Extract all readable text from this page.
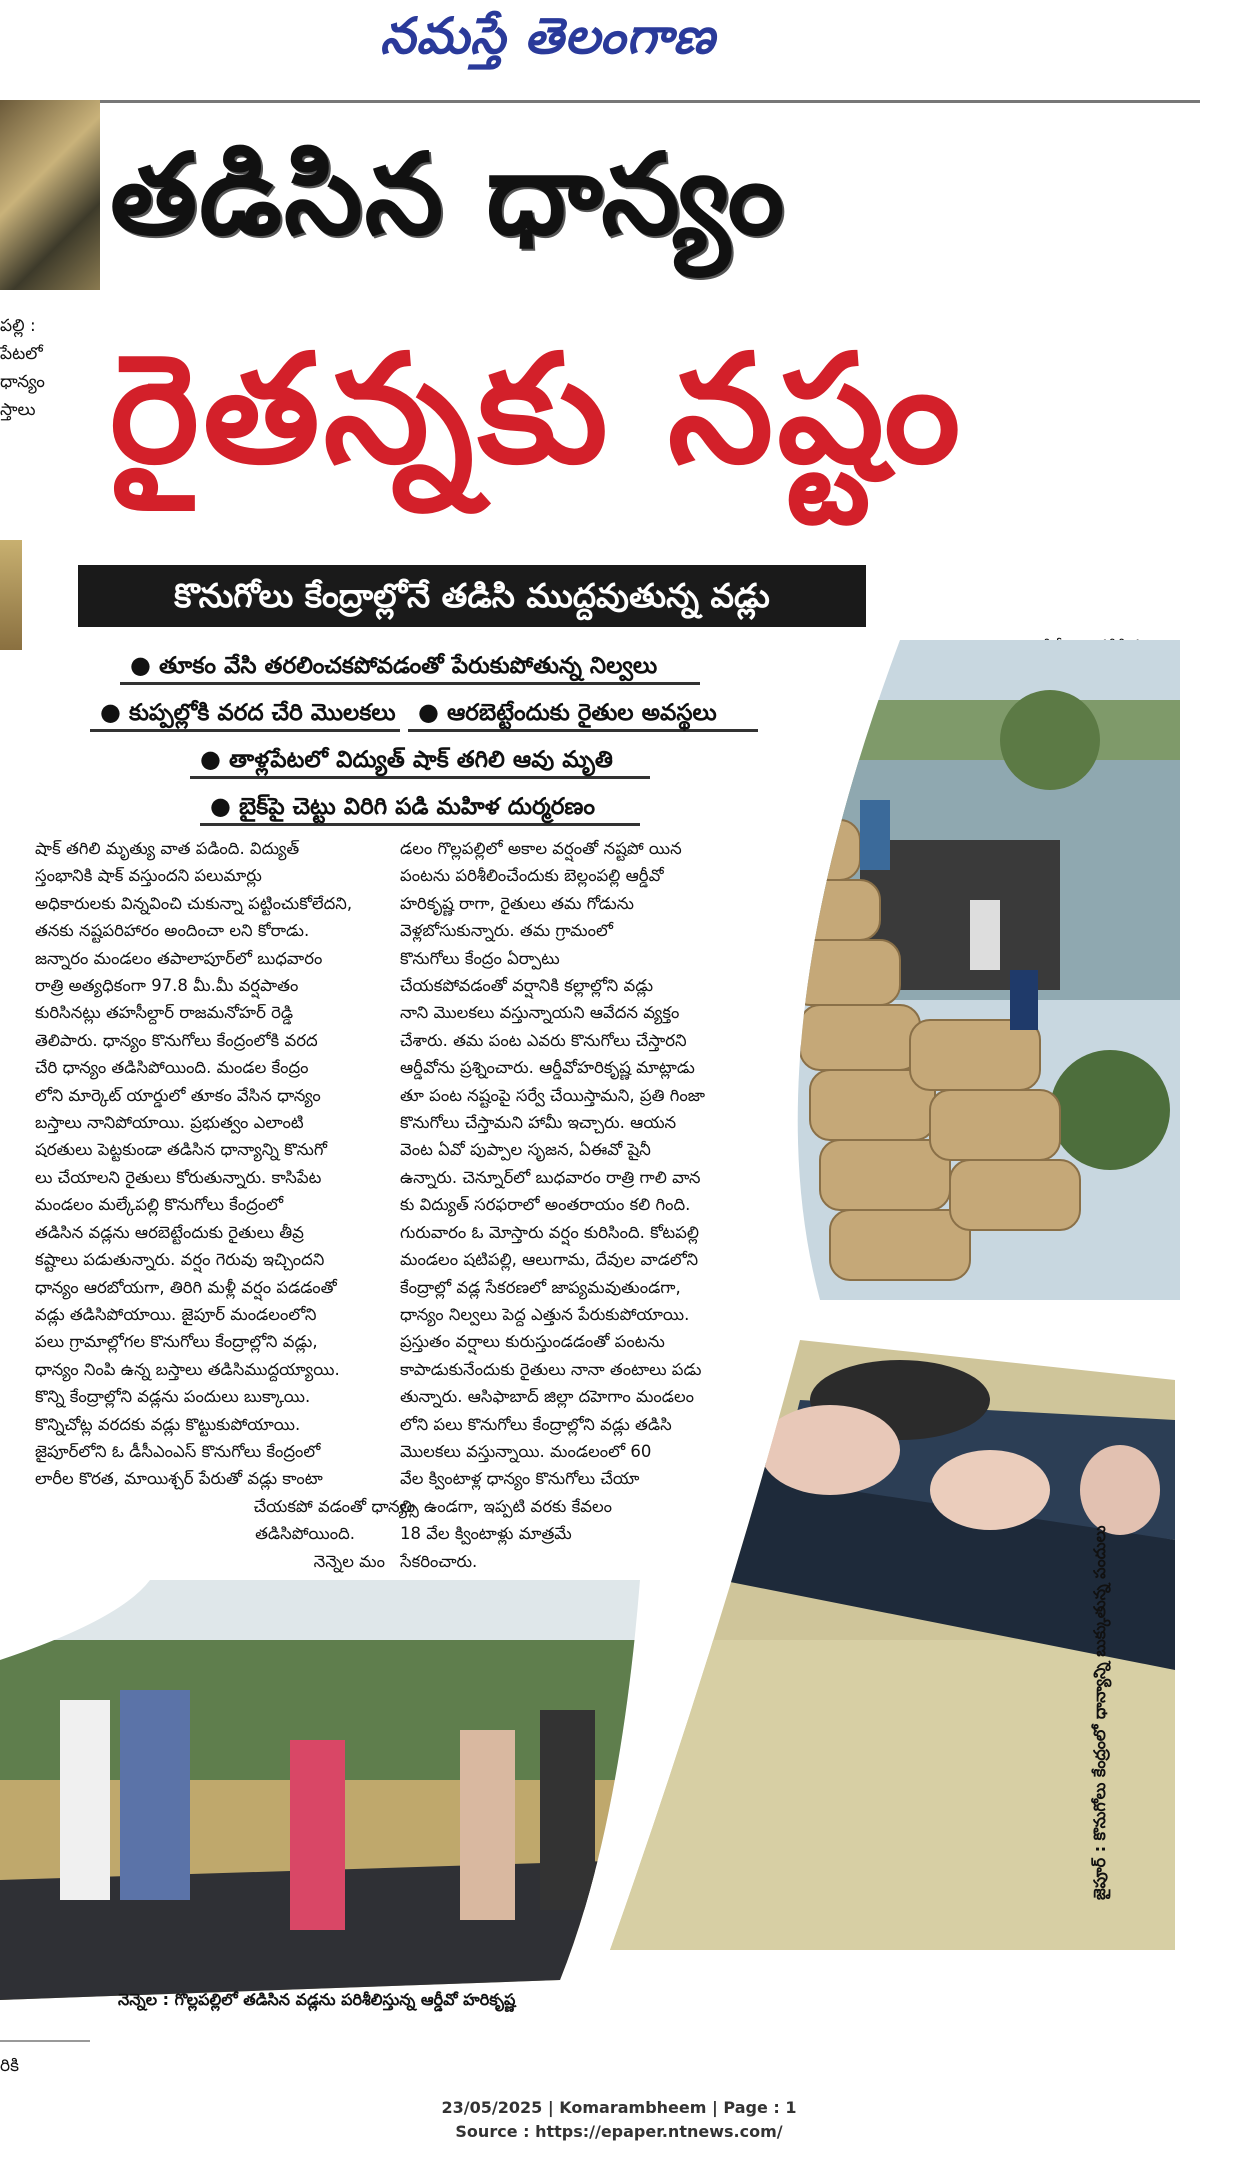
నమస్తే తెలంగాణ
పల్లి :
పేటలో
ధాన్యం
స్తాలు
రికి
తడిసిన ధాన్యం
రైతన్నకు నష్టం
కొనుగోలు కేంద్రాల్లోనే తడిసి ముద్దవుతున్న వడ్లు
● తూకం వేసి తరలించకపోవడంతో పేరుకుపోతున్న నిల్వలు
● కుప్పల్లోకి వరద చేరి మొలకలు ● ఆరబెట్టేందుకు రైతుల అవస్థలు
● తాళ్లపేటలో విద్యుత్ షాక్ తగిలి ఆవు మృతి
● బైక్‌పై చెట్టు విరిగి పడి మహిళ దుర్మరణం
షాక్ తగిలి మృత్యు వాత పడింది. విద్యుత్
స్తంభానికి షాక్ వస్తుందని పలుమార్లు
అధికారులకు విన్నవించి చుకున్నా పట్టించుకోలేదని,
తనకు నష్టపరిహారం అందించా లని కోరాడు.
జన్నారం మండలం తపాలాపూర్‌లో బుధవారం
రాత్రి అత్యధికంగా 97.8 మీ.మీ వర్షపాతం
కురిసినట్లు తహసీల్దార్ రాజమనోహర్ రెడ్డి
తెలిపారు. ధాన్యం కొనుగోలు కేంద్రంలోకి వరద
చేరి ధాన్యం తడిసిపోయింది. మండల కేంద్రం
లోని మార్కెట్ యార్డులో తూకం వేసిన ధాన్యం
బస్తాలు నానిపోయాయి. ప్రభుత్వం ఎలాంటి
షరతులు పెట్టకుండా తడిసిన ధాన్యాన్ని కొనుగో
లు చేయాలని రైతులు కోరుతున్నారు. కాసిపేట
మండలం మల్కేపల్లి కొనుగోలు కేంద్రంలో
తడిసిన వడ్లను ఆరబెట్టేందుకు రైతులు తీవ్ర
కష్టాలు పడుతున్నారు. వర్షం గెరువు ఇచ్చిందని
ధాన్యం ఆరబోయగా, తిరిగి మళ్లీ వర్షం పడడంతో
వడ్లు తడిసిపోయాయి. జైపూర్ మండలంలోని
పలు గ్రామాల్లోగల కొనుగోలు కేంద్రాల్లోని వడ్లు,
ధాన్యం నింపి ఉన్న బస్తాలు తడిసిముద్దయ్యాయి.
కొన్ని కేంద్రాల్లోని వడ్లను పందులు బుక్కాయి.
కొన్నిచోట్ల వరదకు వడ్లు కొట్టుకుపోయాయి.
జైపూర్‌లోని ఓ డీసీఎంఎస్ కొనుగోలు కేంద్రంలో
లారీల కొరత, మాయిశ్చర్ పేరుతో వడ్లు కాంటా
చేయకపో వడంతో ధాన్యం
తడిసిపోయింది.
నెన్నెల మం
డలం గొల్లపల్లిలో అకాల వర్షంతో నష్టపో యిన
పంటను పరిశీలించేందుకు బెల్లంపల్లి ఆర్డీవో
హరికృష్ణ రాగా, రైతులు తమ గోడును
వెళ్లబోసుకున్నారు. తమ గ్రామంలో
కొనుగోలు కేంద్రం ఏర్పాటు
చేయకపోవడంతో వర్షానికి కల్లాల్లోని వడ్లు
నాని మొలకలు వస్తున్నాయని ఆవేదన వ్యక్తం
చేశారు. తమ పంట ఎవరు కొనుగోలు చేస్తారని
ఆర్డీవోను ప్రశ్నించారు. ఆర్డీవోహరికృష్ణ మాట్లాడు
తూ పంట నష్టంపై సర్వే చేయిస్తామని, ప్రతి గింజా
కొనుగోలు చేస్తామని హామీ ఇచ్చారు. ఆయన
వెంట ఏవో పుప్పాల సృజన, ఏఈవో షైనీ
ఉన్నారు. చెన్నూర్‌లో బుధవారం రాత్రి గాలి వాన
కు విద్యుత్ సరఫరాలో అంతరాయం కలి గింది.
గురువారం ఓ మోస్తారు వర్షం కురిసింది. కోటపల్లి
మండలం షటిపల్లి, ఆలుగామ, దేవుల వాడలోని
కేంద్రాల్లో వడ్ల సేకరణలో జాప్యమవుతుండగా,
ధాన్యం నిల్వలు పెద్ద ఎత్తున పేరుకుపోయాయి.
ప్రస్తుతం వర్షాలు కురుస్తుండడంతో పంటను
కాపాడుకునేందుకు రైతులు నానా తంటాలు పడు
తున్నారు. ఆసిఫాబాద్ జిల్లా దహెగాం మండలం
లోని పలు కొనుగోలు కేంద్రాల్లోని వడ్లు తడిసి
మొలకలు వస్తున్నాయి. మండలంలో 60
వేల క్వింటాళ్ల ధాన్యం కొనుగోలు చేయా
ల్సి ఉండగా, ఇప్పటి వరకు కేవలం
18 వేల క్వింటాళ్లు మాత్రమే
సేకరించారు.
నెన్నెల : గొల్లపల్లిలో తడిసిన వడ్లను పరిశీలిస్తున్న ఆర్డీవో హరికృష్ణ
జైపూర్ : కొనుగోలు కేంద్రంలో ధాన్యాన్ని బుక్కుతున్న పందులు
23/05/2025 | Komarambheem | Page : 1
Source : https://epaper.ntnews.com/
